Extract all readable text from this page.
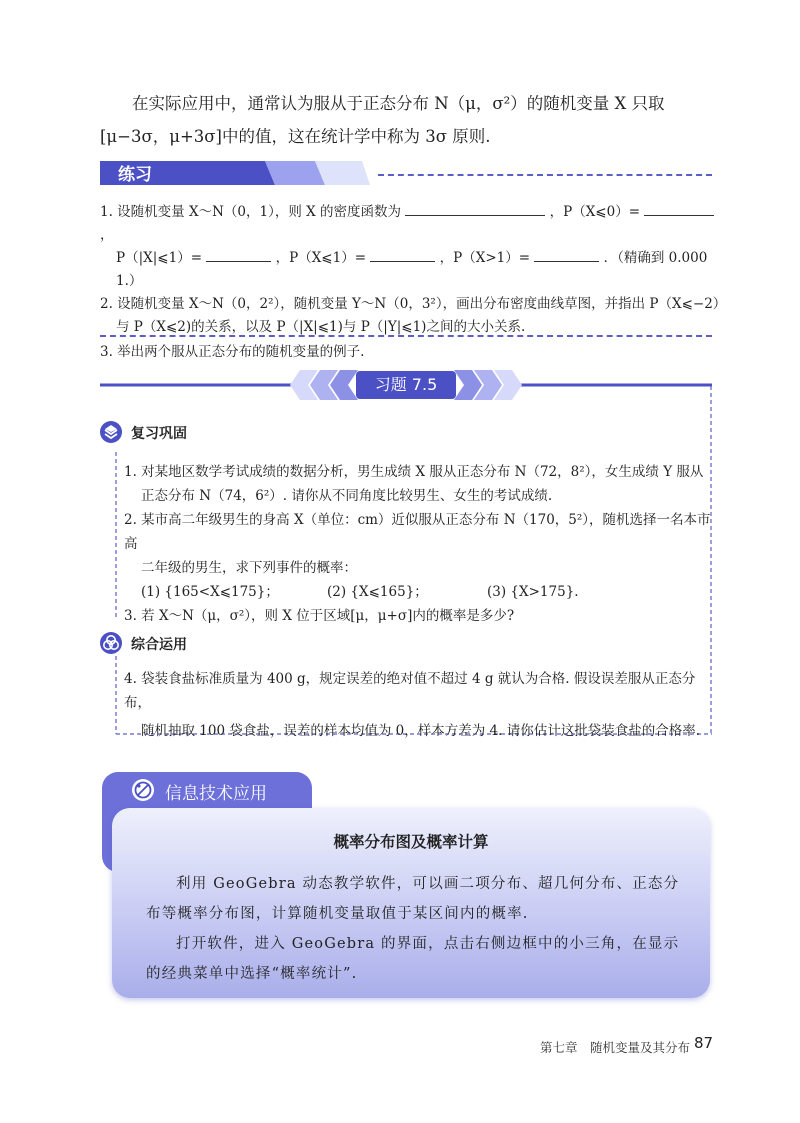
在实际应用中，通常认为服从于正态分布 N（μ，σ²）的随机变量 X 只取

[μ−3σ，μ+3σ]中的值，这在统计学中称为 3σ 原则.

练习

1. 设随机变量 X～N（0，1），则 X 的密度函数为	，P（X⩽0）=  ，

P（|X|⩽1）=	，P（X⩽1）=	，P（X>1）=	．（精确到 0.000 1.）

2. 设随机变量 X～N（0，2²），随机变量 Y～N（0，3²），画出分布密度曲线草图，并指出 P（X⩽−2）

与 P（X⩽2)的关系，以及 P（|X|⩽1)与 P（|Y|⩽1)之间的大小关系.

3. 举出两个服从正态分布的随机变量的例子.

习题 7.5
复习巩固

1. 对某地区数学考试成绩的数据分析，男生成绩 X 服从正态分布 N（72，8²），女生成绩 Y 服从

正态分布 N（74，6²）. 请你从不同角度比较男生、女生的考试成绩.

2. 某市高二年级男生的身高 X（单位：cm）近似服从正态分布 N（170，5²），随机选择一名本市高

二年级的男生，求下列事件的概率：

(1) {165<X⩽175}；	(2) {X⩽165}；	(3) {X>175}.

3. 若 X～N（μ，σ²），则 X 位于区域[μ，μ+σ]内的概率是多少?

综合运用

4. 袋装食盐标准质量为 400 g，规定误差的绝对值不超过 4 g 就认为合格. 假设误差服从正态分布，

随机抽取 100 袋食盐，误差的样本均值为 0，样本方差为 4. 请你估计这批袋装食盐的合格率.

信息技术应用
概率分布图及概率计算

利用 GeoGebra 动态教学软件，可以画二项分布、超几何分布、正态分布等概率分布图，计算随机变量取值于某区间内的概率.

打开软件，进入 GeoGebra 的界面，点击右侧边框中的小三角，在显示的经典菜单中选择“概率统计”.

第七章　随机变量及其分布 87
